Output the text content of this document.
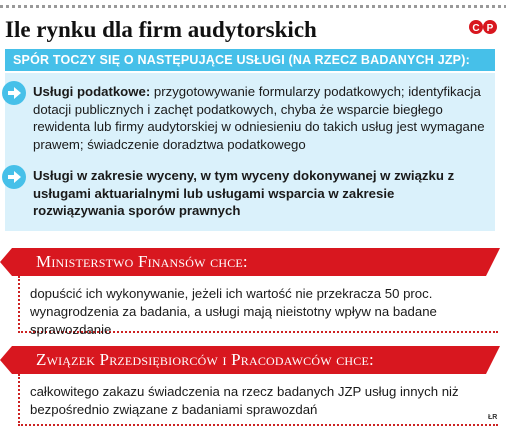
Ile rynku dla firm audytorskich	C P
SPÓR TOCZY SIĘ O NASTĘPUJĄCE USŁUGI (NA RZECZ BADANYCH JZP):
Usługi podatkowe: przygotowywanie formularzy podatkowych; identyfikacja dotacji publicznych i zachęt podatkowych, chyba że wsparcie biegłego rewidenta lub firmy audytorskiej w odniesieniu do takich usług jest wymagane prawem; świadczenie doradztwa podatkowego
Usługi w zakresie wyceny, w tym wyceny dokonywanej w związku z usługami aktuarialnymi lub usługami wsparcia w zakresie rozwiązywania sporów prawnych
Ministerstwo Finansów chce:
dopuścić ich wykonywanie, jeżeli ich wartość nie przekracza 50 proc. wynagrodzenia za badania, a usługi mają nieistotny wpływ na badane sprawozdanie
Związek Przedsiębiorców i Pracodawców chce:
całkowitego zakazu świadczenia na rzecz badanych JZP usług innych niż bezpośrednio związane z badaniami sprawozdań
ŁR
